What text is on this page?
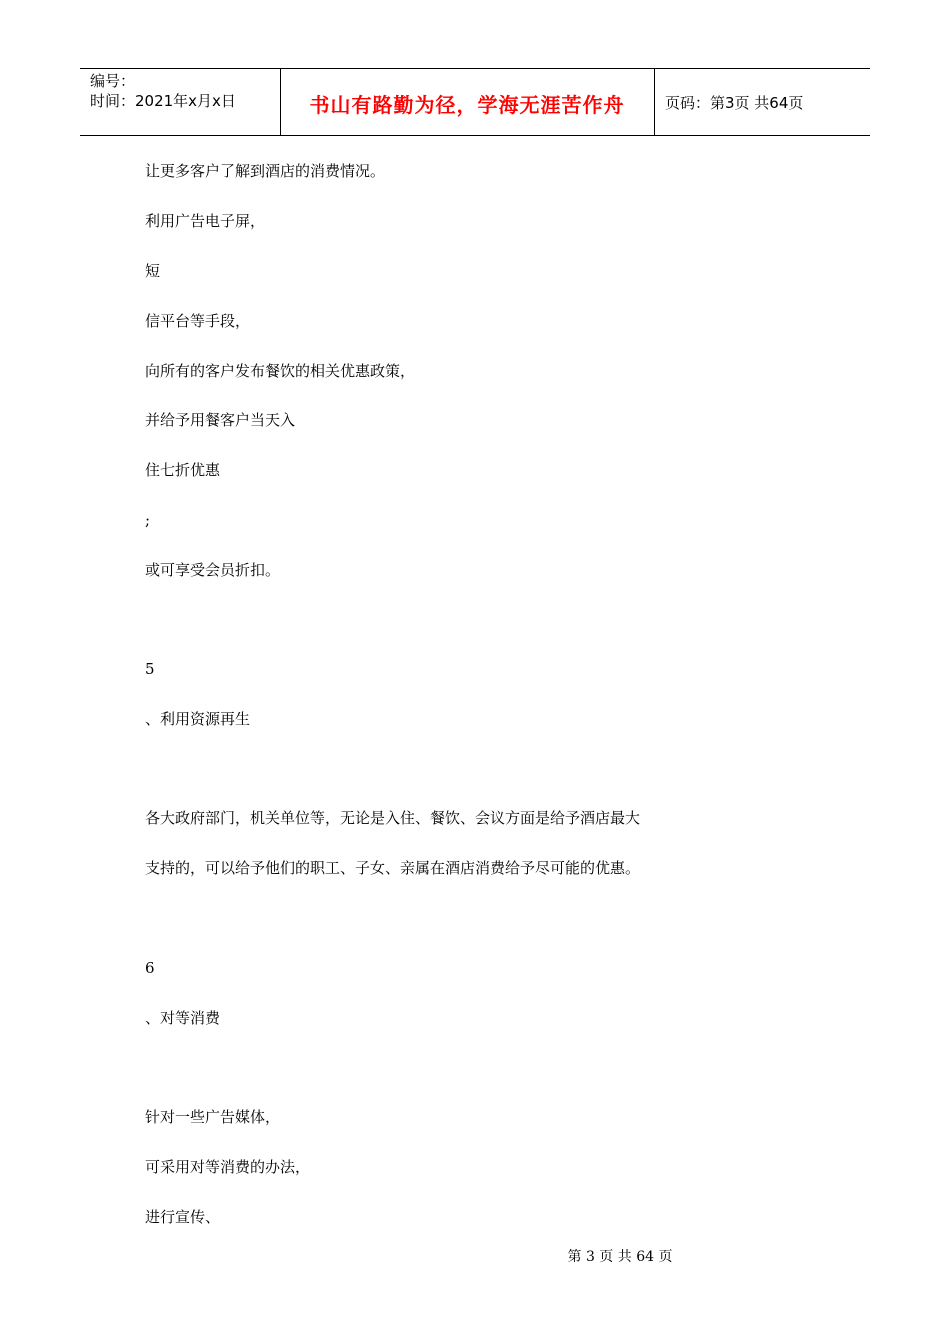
编号：
时间：2021年x月x日	书山有路勤为径，学海无涯苦作舟	页码：第3页 共64页
让更多客户了解到酒店的消费情况。
利用广告电子屏，
短
信平台等手段，
向所有的客户发布餐饮的相关优惠政策，
并给予用餐客户当天入
住七折优惠
;
或可享受会员折扣。
5
、利用资源再生
各大政府部门，机关单位等，无论是入住、餐饮、会议方面是给予酒店最大
支持的，可以给予他们的职工、子女、亲属在酒店消费给予尽可能的优惠。
6
、对等消费
针对一些广告媒体，
可采用对等消费的办法，
进行宣传、
第 3 页 共 64 页
